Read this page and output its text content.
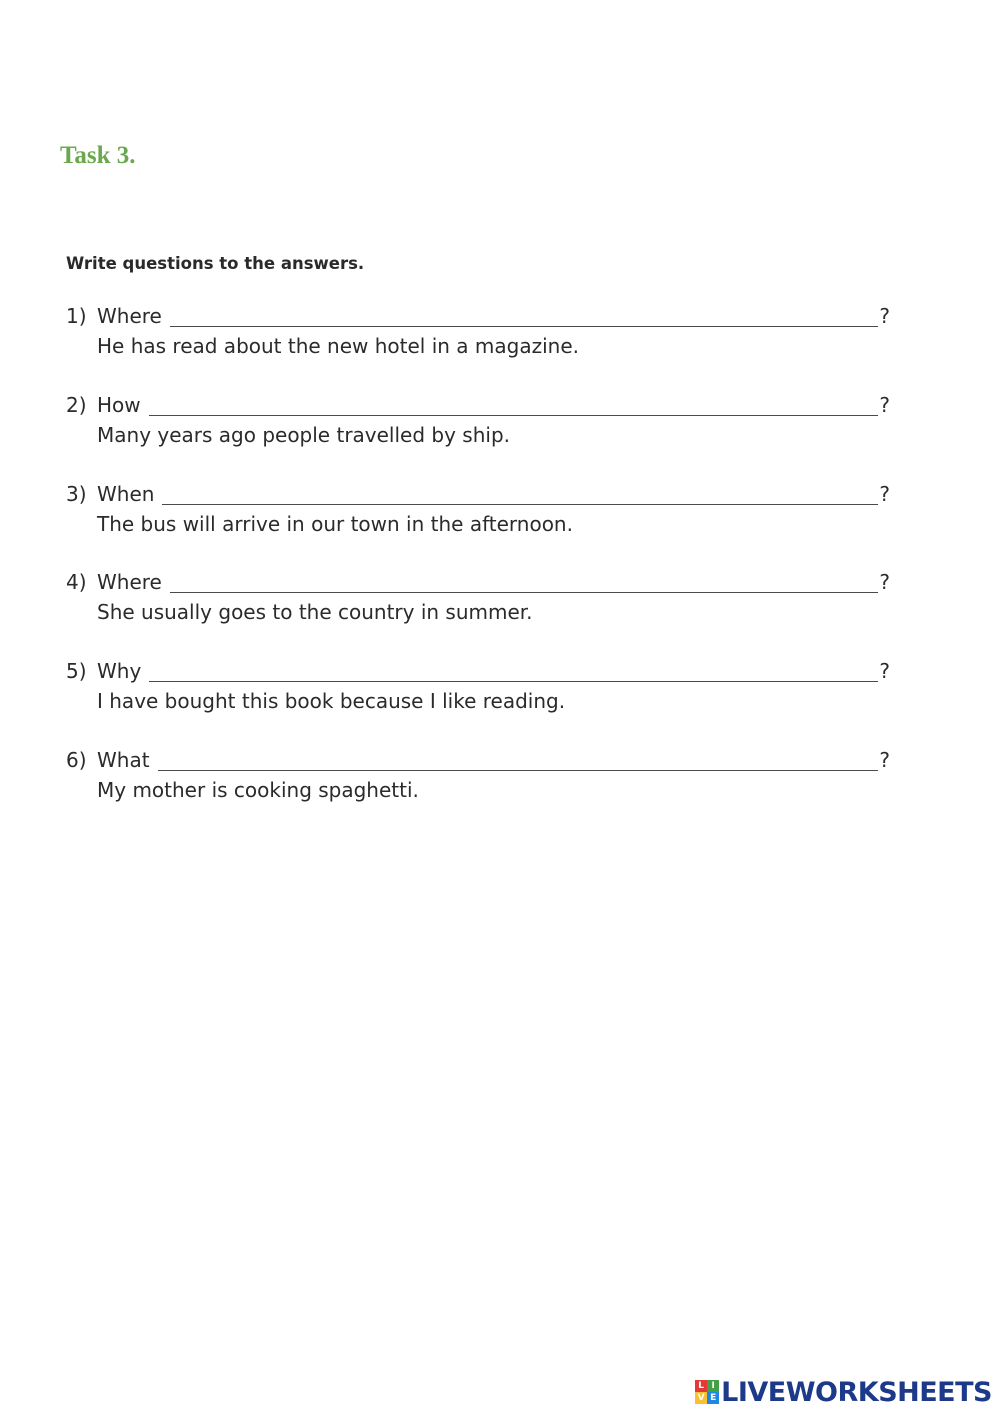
Task 3.
Write questions to the answers.
1) Where	?
He has read about the new hotel in a magazine.
2) How	?
Many years ago people travelled by ship.
3) When	?
The bus will arrive in our town in the afternoon.
4) Where	?
She usually goes to the country in summer.
5) Why	?
I have bought this book because I like reading.
6) What	?
My mother is cooking spaghetti.
L I
V E LIVEWORKSHEETS
